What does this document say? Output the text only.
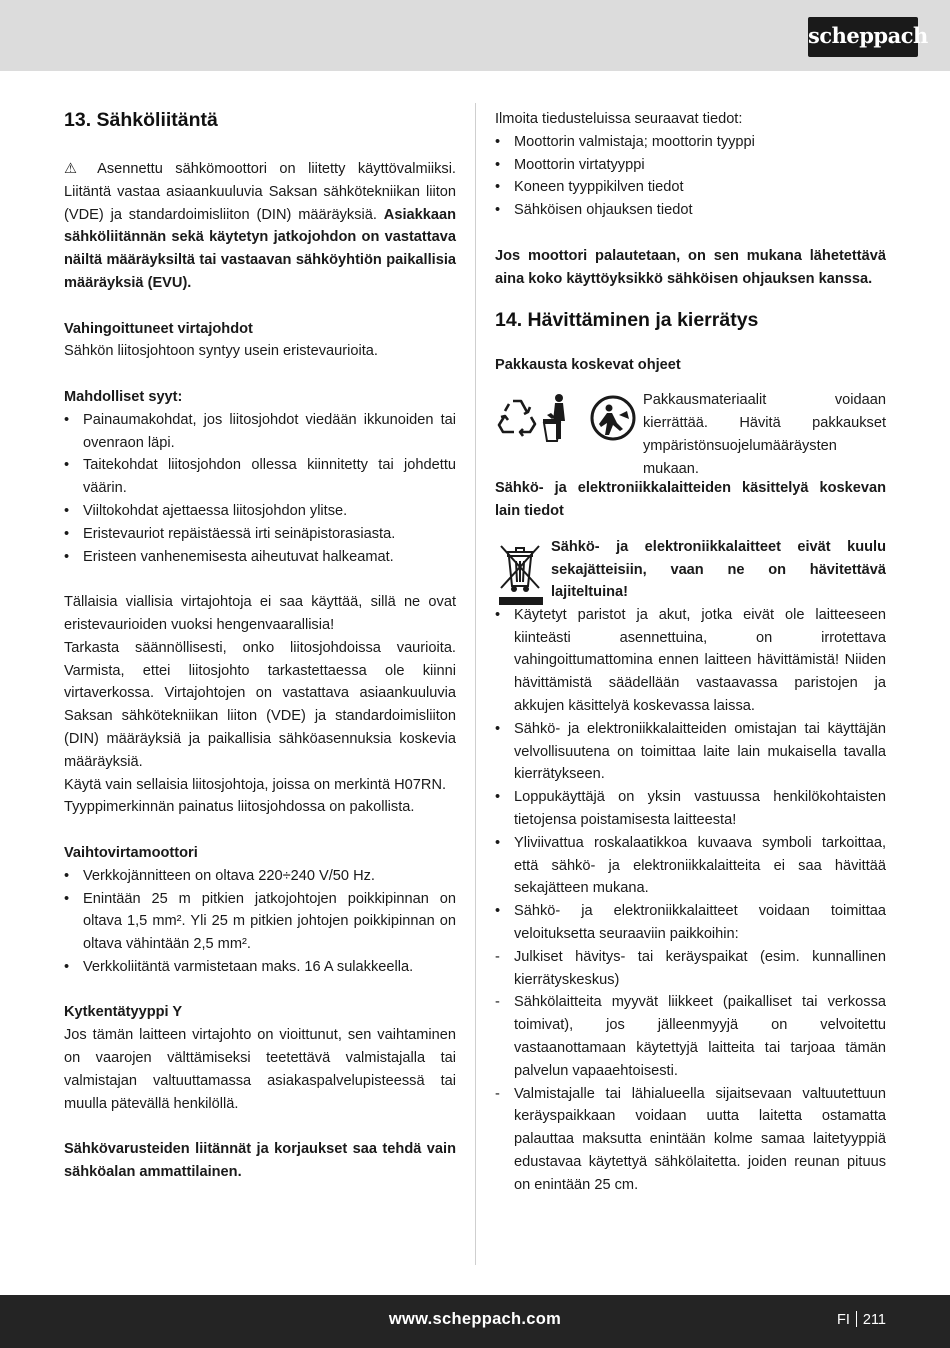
scheppach
13. Sähköliitäntä

⚠ Asennettu sähkömoottori on liitetty käyttövalmiiksi. Liitäntä vastaa asiaankuuluvia Saksan sähkötekniikan liiton (VDE) ja standardoimisliiton (DIN) määräyksiä. Asiakkaan sähköliitännän sekä käytetyn jatkojohdon on vastattava näiltä määräyksiltä tai vastaavan sähköyhtiön paikallisia määräyksiä (EVU).

Vahingoittuneet virtajohdot

Sähkön liitosjohtoon syntyy usein eristevaurioita.

Mahdolliset syyt:

• Painaumakohdat, jos liitosjohdot viedään ikkunoiden tai ovenraon läpi.
• Taitekohdat liitosjohdon ollessa kiinnitetty tai johdettu väärin.
• Viiltokohdat ajettaessa liitosjohdon ylitse.
• Eristevauriot repäistäessä irti seinäpistorasiasta.
• Eristeen vanhenemisesta aiheutuvat halkeamat.

Tällaisia viallisia virtajohtoja ei saa käyttää, sillä ne ovat eristevaurioiden vuoksi hengenvaarallisia!

Tarkasta säännöllisesti, onko liitosjohdoissa vaurioita. Varmista, ettei liitosjohto tarkastettaessa ole kiinni virtaverkossa. Virtajohtojen on vastattava asiaankuuluvia Saksan sähkötekniikan liiton (VDE) ja standardoimisliiton (DIN) määräyksiä ja paikallisia sähköasennuksia koskevia määräyksiä.

Käytä vain sellaisia liitosjohtoja, joissa on merkintä H07RN.

Tyyppimerkinnän painatus liitosjohdossa on pakollista.

Vaihtovirtamoottori

• Verkkojännitteen on oltava 220÷240 V/50 Hz.
• Enintään 25 m pitkien jatkojohtojen poikkipinnan on oltava 1,5 mm². Yli 25 m pitkien johtojen poikkipinnan on oltava vähintään 2,5 mm².
• Verkkoliitäntä varmistetaan maks. 16 A sulakkeella.

Kytkentätyyppi Y

Jos tämän laitteen virtajohto on vioittunut, sen vaihtaminen on vaarojen välttämiseksi teetettävä valmistajalla tai valmistajan valtuuttamassa asiakaspalvelupisteessä tai muulla pätevällä henkilöllä.

Sähkövarusteiden liitännät ja korjaukset saa tehdä vain sähköalan ammattilainen.

Ilmoita tiedusteluissa seuraavat tiedot:

• Moottorin valmistaja; moottorin tyyppi
• Moottorin virtatyyppi
• Koneen tyyppikilven tiedot
• Sähköisen ohjauksen tiedot

Jos moottori palautetaan, on sen mukana lähetettävä aina koko käyttöyksikkö sähköisen ohjauksen kanssa.

14. Hävittäminen ja kierrätys

Pakkausta koskevat ohjeet

Pakkausmateriaalit voidaan kierrättää. Hävitä pakkaukset ympäristönsuojelumääräysten mukaan.

Sähkö- ja elektroniikkalaitteiden käsittelyä koskevan lain tiedot

Sähkö- ja elektroniikkalaitteet eivät kuulu sekajätteisiin, vaan ne on hävitettävä lajiteltuina!

• Käytetyt paristot ja akut, jotka eivät ole laitteeseen kiinteästi asennettuina, on irrotettava vahingoittumattomina ennen laitteen hävittämistä! Niiden hävittämistä säädellään vastaavassa paristojen ja akkujen käsittelyä koskevassa laissa.
• Sähkö- ja elektroniikkalaitteiden omistajan tai käyttäjän velvollisuutena on toimittaa laite lain mukaisella tavalla kierrätykseen.
• Loppukäyttäjä on yksin vastuussa henkilökohtaisten tietojensa poistamisesta laitteesta!
• Yliviivattua roskalaatikkoa kuvaava symboli tarkoittaa, että sähkö- ja elektroniikkalaitteita ei saa hävittää sekajätteen mukana.
• Sähkö- ja elektroniikkalaitteet voidaan toimittaa veloituksetta seuraaviin paikkoihin:
- Julkiset hävitys- tai keräyspaikat (esim. kunnallinen kierrätyskeskus)
- Sähkölaitteita myyvät liikkeet (paikalliset tai verkossa toimivat), jos jälleenmyyjä on velvoitettu vastaanottamaan käytettyjä laitteita tai tarjoaa tämän palvelun vapaaehtoisesti.
- Valmistajalle tai lähialueella sijaitsevaan valtuutettuun keräyspaikkaan voidaan uutta laitetta ostamatta palauttaa maksutta enintään kolme samaa laitetyyppiä edustavaa käytettyä sähkölaitetta. joiden reunan pituus on enintään 25 cm.
www.scheppach.com	FI 211
